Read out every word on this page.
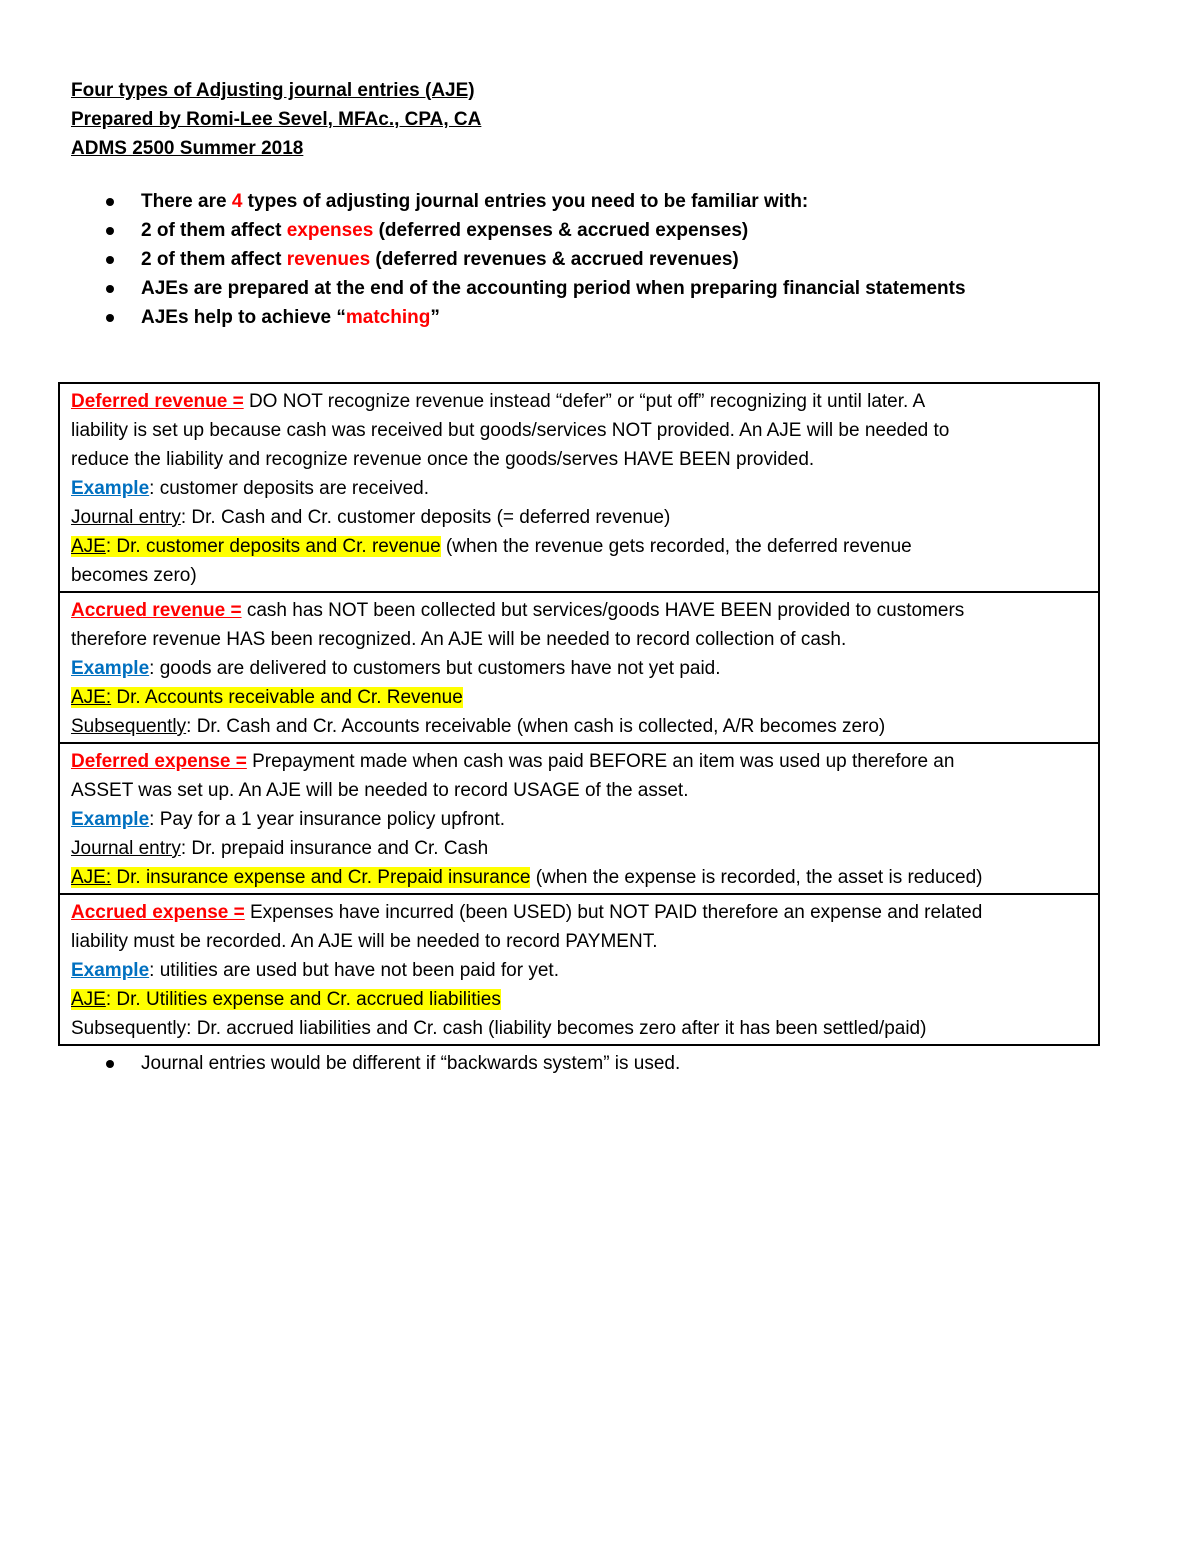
Four types of Adjusting journal entries (AJE)
Prepared by Romi-Lee Sevel, MFAc., CPA, CA
ADMS 2500 Summer 2018
There are 4 types of adjusting journal entries you need to be familiar with:
2 of them affect expenses (deferred expenses & accrued expenses)
2 of them affect revenues (deferred revenues & accrued revenues)
AJEs are prepared at the end of the accounting period when preparing financial statements
AJEs help to achieve “matching”
Deferred revenue = DO NOT recognize revenue instead “defer” or “put off” recognizing it until later. A
liability is set up because cash was received but goods/services NOT provided. An AJE will be needed to
reduce the liability and recognize revenue once the goods/serves HAVE BEEN provided.
Example: customer deposits are received.
Journal entry: Dr. Cash and Cr. customer deposits (= deferred revenue)
AJE: Dr. customer deposits and Cr. revenue (when the revenue gets recorded, the deferred revenue
becomes zero)
Accrued revenue = cash has NOT been collected but services/goods HAVE BEEN provided to customers
therefore revenue HAS been recognized. An AJE will be needed to record collection of cash.
Example: goods are delivered to customers but customers have not yet paid.
AJE: Dr. Accounts receivable and Cr. Revenue
Subsequently: Dr. Cash and Cr. Accounts receivable (when cash is collected, A/R becomes zero)
Deferred expense = Prepayment made when cash was paid BEFORE an item was used up therefore an
ASSET was set up. An AJE will be needed to record USAGE of the asset.
Example: Pay for a 1 year insurance policy upfront.
Journal entry: Dr. prepaid insurance and Cr. Cash
AJE: Dr. insurance expense and Cr. Prepaid insurance (when the expense is recorded, the asset is reduced)
Accrued expense = Expenses have incurred (been USED) but NOT PAID therefore an expense and related
liability must be recorded. An AJE will be needed to record PAYMENT.
Example: utilities are used but have not been paid for yet.
AJE: Dr. Utilities expense and Cr. accrued liabilities
Subsequently: Dr. accrued liabilities and Cr. cash (liability becomes zero after it has been settled/paid)
Journal entries would be different if “backwards system” is used.
